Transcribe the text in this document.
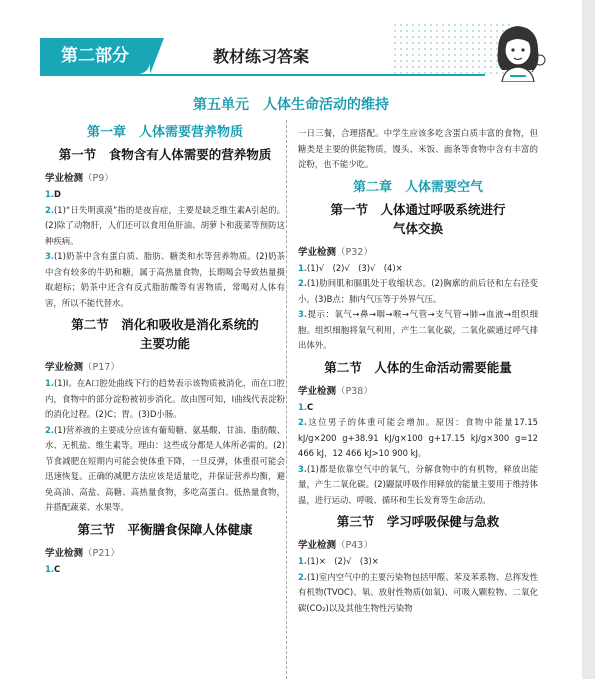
第二部分	教材练习答案
第五单元　人体生命活动的维持
第一章　人体需要营养物质
第一节　食物含有人体需要的营养物质
学业检测（P9）

1.D

2.(1)“日失明漠漠”指的是夜盲症，主要是缺乏维生素A引起的。(2)除了动物肝，人们还可以食用鱼肝油、胡萝卜和菠菜等预防这种疾病。

3.(1)奶茶中含有蛋白质、脂肪、糖类和水等营养物质。(2)奶茶中含有较多的牛奶和糖，属于高热量食物，长期喝会导致热量摄取超标；奶茶中还含有反式脂肪酸等有害物质，常喝对人体有害，所以不能代替水。

第二节　消化和吸收是消化系统的
主要功能
学业检测（P17）

1.(1)Ⅰ。在A口腔处曲线下行的趋势表示该物质被消化，而在口腔内，食物中的部分淀粉被初步消化。故由图可知，Ⅰ曲线代表淀粉的消化过程。(2)C；胃。(3)D小肠。

2.(1)营养液的主要成分应该有葡萄糖、氨基酸、甘油、脂肪酸、水、无机盐、维生素等。理由：这些成分都是人体所必需的。(2)节食减肥在短期内可能会使体重下降，一旦反弹，体重很可能会迅速恢复。正确的减肥方法应该是适量吃，并保证营养均衡，避免高油、高盐、高糖、高热量食物，多吃高蛋白、低热量食物，并搭配蔬菜、水果等。

第三节　平衡膳食保障人体健康
学业检测（P21）

1.C

一日三餐，合理搭配。中学生应该多吃含蛋白质丰富的食物，但糖类是主要的供能物质，馒头、米饭、面条等食物中含有丰富的淀粉，也不能少吃。

第二章　人体需要空气
第一节　人体通过呼吸系统进行
气体交换
学业检测（P32）

1.(1)√　(2)√　(3)√　(4)×

2.(1)肋间肌和膈肌处于收缩状态。(2)胸廓的前后径和左右径变小。(3)B点；肺内气压等于外界气压。

3.提示：氧气→鼻→咽→喉→气管→支气管→肺→血液→组织细胞。组织细胞将氧气利用，产生二氧化碳，二氧化碳通过呼气排出体外。

第二节　人体的生命活动需要能量
学业检测（P38）

1.C

2.这位男子的体重可能会增加。原因：食物中能量17.15 kJ/g×200 g+38.91 kJ/g×100 g+17.15 kJ/g×300 g=12 466 kJ，12 466 kJ>10 900 kJ。

3.(1)都是依靠空气中的氧气，分解食物中的有机物，释放出能量，产生二氧化碳。(2)鼹鼠呼吸作用释放的能量主要用于维持体温，进行运动、呼吸、循环和生长发育等生命活动。

第三节　学习呼吸保健与急救
学业检测（P43）

1.(1)×　(2)√　(3)×

2.(1)室内空气中的主要污染物包括甲醛、苯及苯系物、总挥发性有机物(TVOC)、氡、放射性物质(如氧)、可吸入颗粒物、二氧化碳(CO₂)以及其他生物性污染物
